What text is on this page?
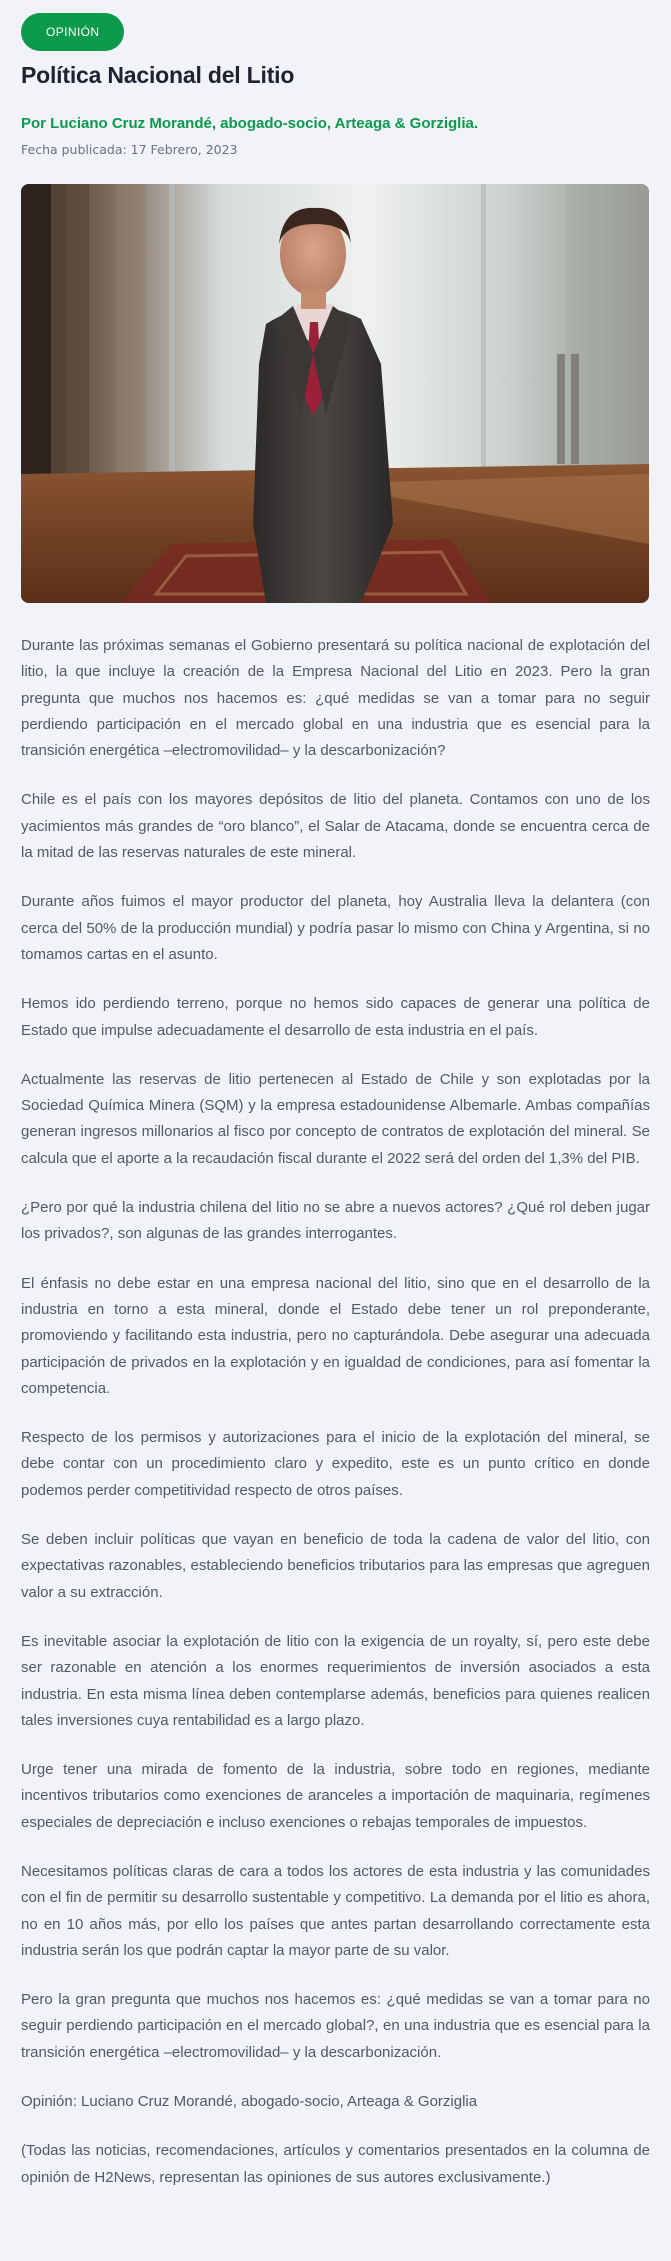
OPINIÓN
Política Nacional del Litio
Por Luciano Cruz Morandé, abogado-socio, Arteaga & Gorziglia.
Fecha publicada: 17 Febrero, 2023

Durante las próximas semanas el Gobierno presentará su política nacional de explotación del litio, la que incluye la creación de la Empresa Nacional del Litio en 2023. Pero la gran pregunta que muchos nos hacemos es: ¿qué medidas se van a tomar para no seguir perdiendo participación en el mercado global en una industria que es esencial para la transición energética –electromovilidad– y la descarbonización?

Chile es el país con los mayores depósitos de litio del planeta. Contamos con uno de los yacimientos más grandes de “oro blanco”, el Salar de Atacama, donde se encuentra cerca de la mitad de las reservas naturales de este mineral.

Durante años fuimos el mayor productor del planeta, hoy Australia lleva la delantera (con cerca del 50% de la producción mundial) y podría pasar lo mismo con China y Argentina, si no tomamos cartas en el asunto.

Hemos ido perdiendo terreno, porque no hemos sido capaces de generar una política de Estado que impulse adecuadamente el desarrollo de esta industria en el país.

Actualmente las reservas de litio pertenecen al Estado de Chile y son explotadas por la Sociedad Química Minera (SQM) y la empresa estadounidense Albemarle. Ambas compañías generan ingresos millonarios al fisco por concepto de contratos de explotación del mineral. Se calcula que el aporte a la recaudación fiscal durante el 2022 será del orden del 1,3% del PIB.

¿Pero por qué la industria chilena del litio no se abre a nuevos actores? ¿Qué rol deben jugar los privados?, son algunas de las grandes interrogantes.

El énfasis no debe estar en una empresa nacional del litio, sino que en el desarrollo de la industria en torno a esta mineral, donde el Estado debe tener un rol preponderante, promoviendo y facilitando esta industria, pero no capturándola. Debe asegurar una adecuada participación de privados en la explotación y en igualdad de condiciones, para así fomentar la competencia.

Respecto de los permisos y autorizaciones para el inicio de la explotación del mineral, se debe contar con un procedimiento claro y expedito, este es un punto crítico en donde podemos perder competitividad respecto de otros países.

Se deben incluir políticas que vayan en beneficio de toda la cadena de valor del litio, con expectativas razonables, estableciendo beneficios tributarios para las empresas que agreguen valor a su extracción.

Es inevitable asociar la explotación de litio con la exigencia de un royalty, sí, pero este debe ser razonable en atención a los enormes requerimientos de inversión asociados a esta industria. En esta misma línea deben contemplarse además, beneficios para quienes realicen tales inversiones cuya rentabilidad es a largo plazo.

Urge tener una mirada de fomento de la industria, sobre todo en regiones, mediante incentivos tributarios como exenciones de aranceles a importación de maquinaria, regímenes especiales de depreciación e incluso exenciones o rebajas temporales de impuestos.

Necesitamos políticas claras de cara a todos los actores de esta industria y las comunidades con el fin de permitir su desarrollo sustentable y competitivo. La demanda por el litio es ahora, no en 10 años más, por ello los países que antes partan desarrollando correctamente esta industria serán los que podrán captar la mayor parte de su valor.

Pero la gran pregunta que muchos nos hacemos es: ¿qué medidas se van a tomar para no seguir perdiendo participación en el mercado global?, en una industria que es esencial para la transición energética –electromovilidad– y la descarbonización.

Opinión: Luciano Cruz Morandé, abogado-socio, Arteaga & Gorziglia

(Todas las noticias, recomendaciones, artículos y comentarios presentados en la columna de opinión de H2News, representan las opiniones de sus autores exclusivamente.)
